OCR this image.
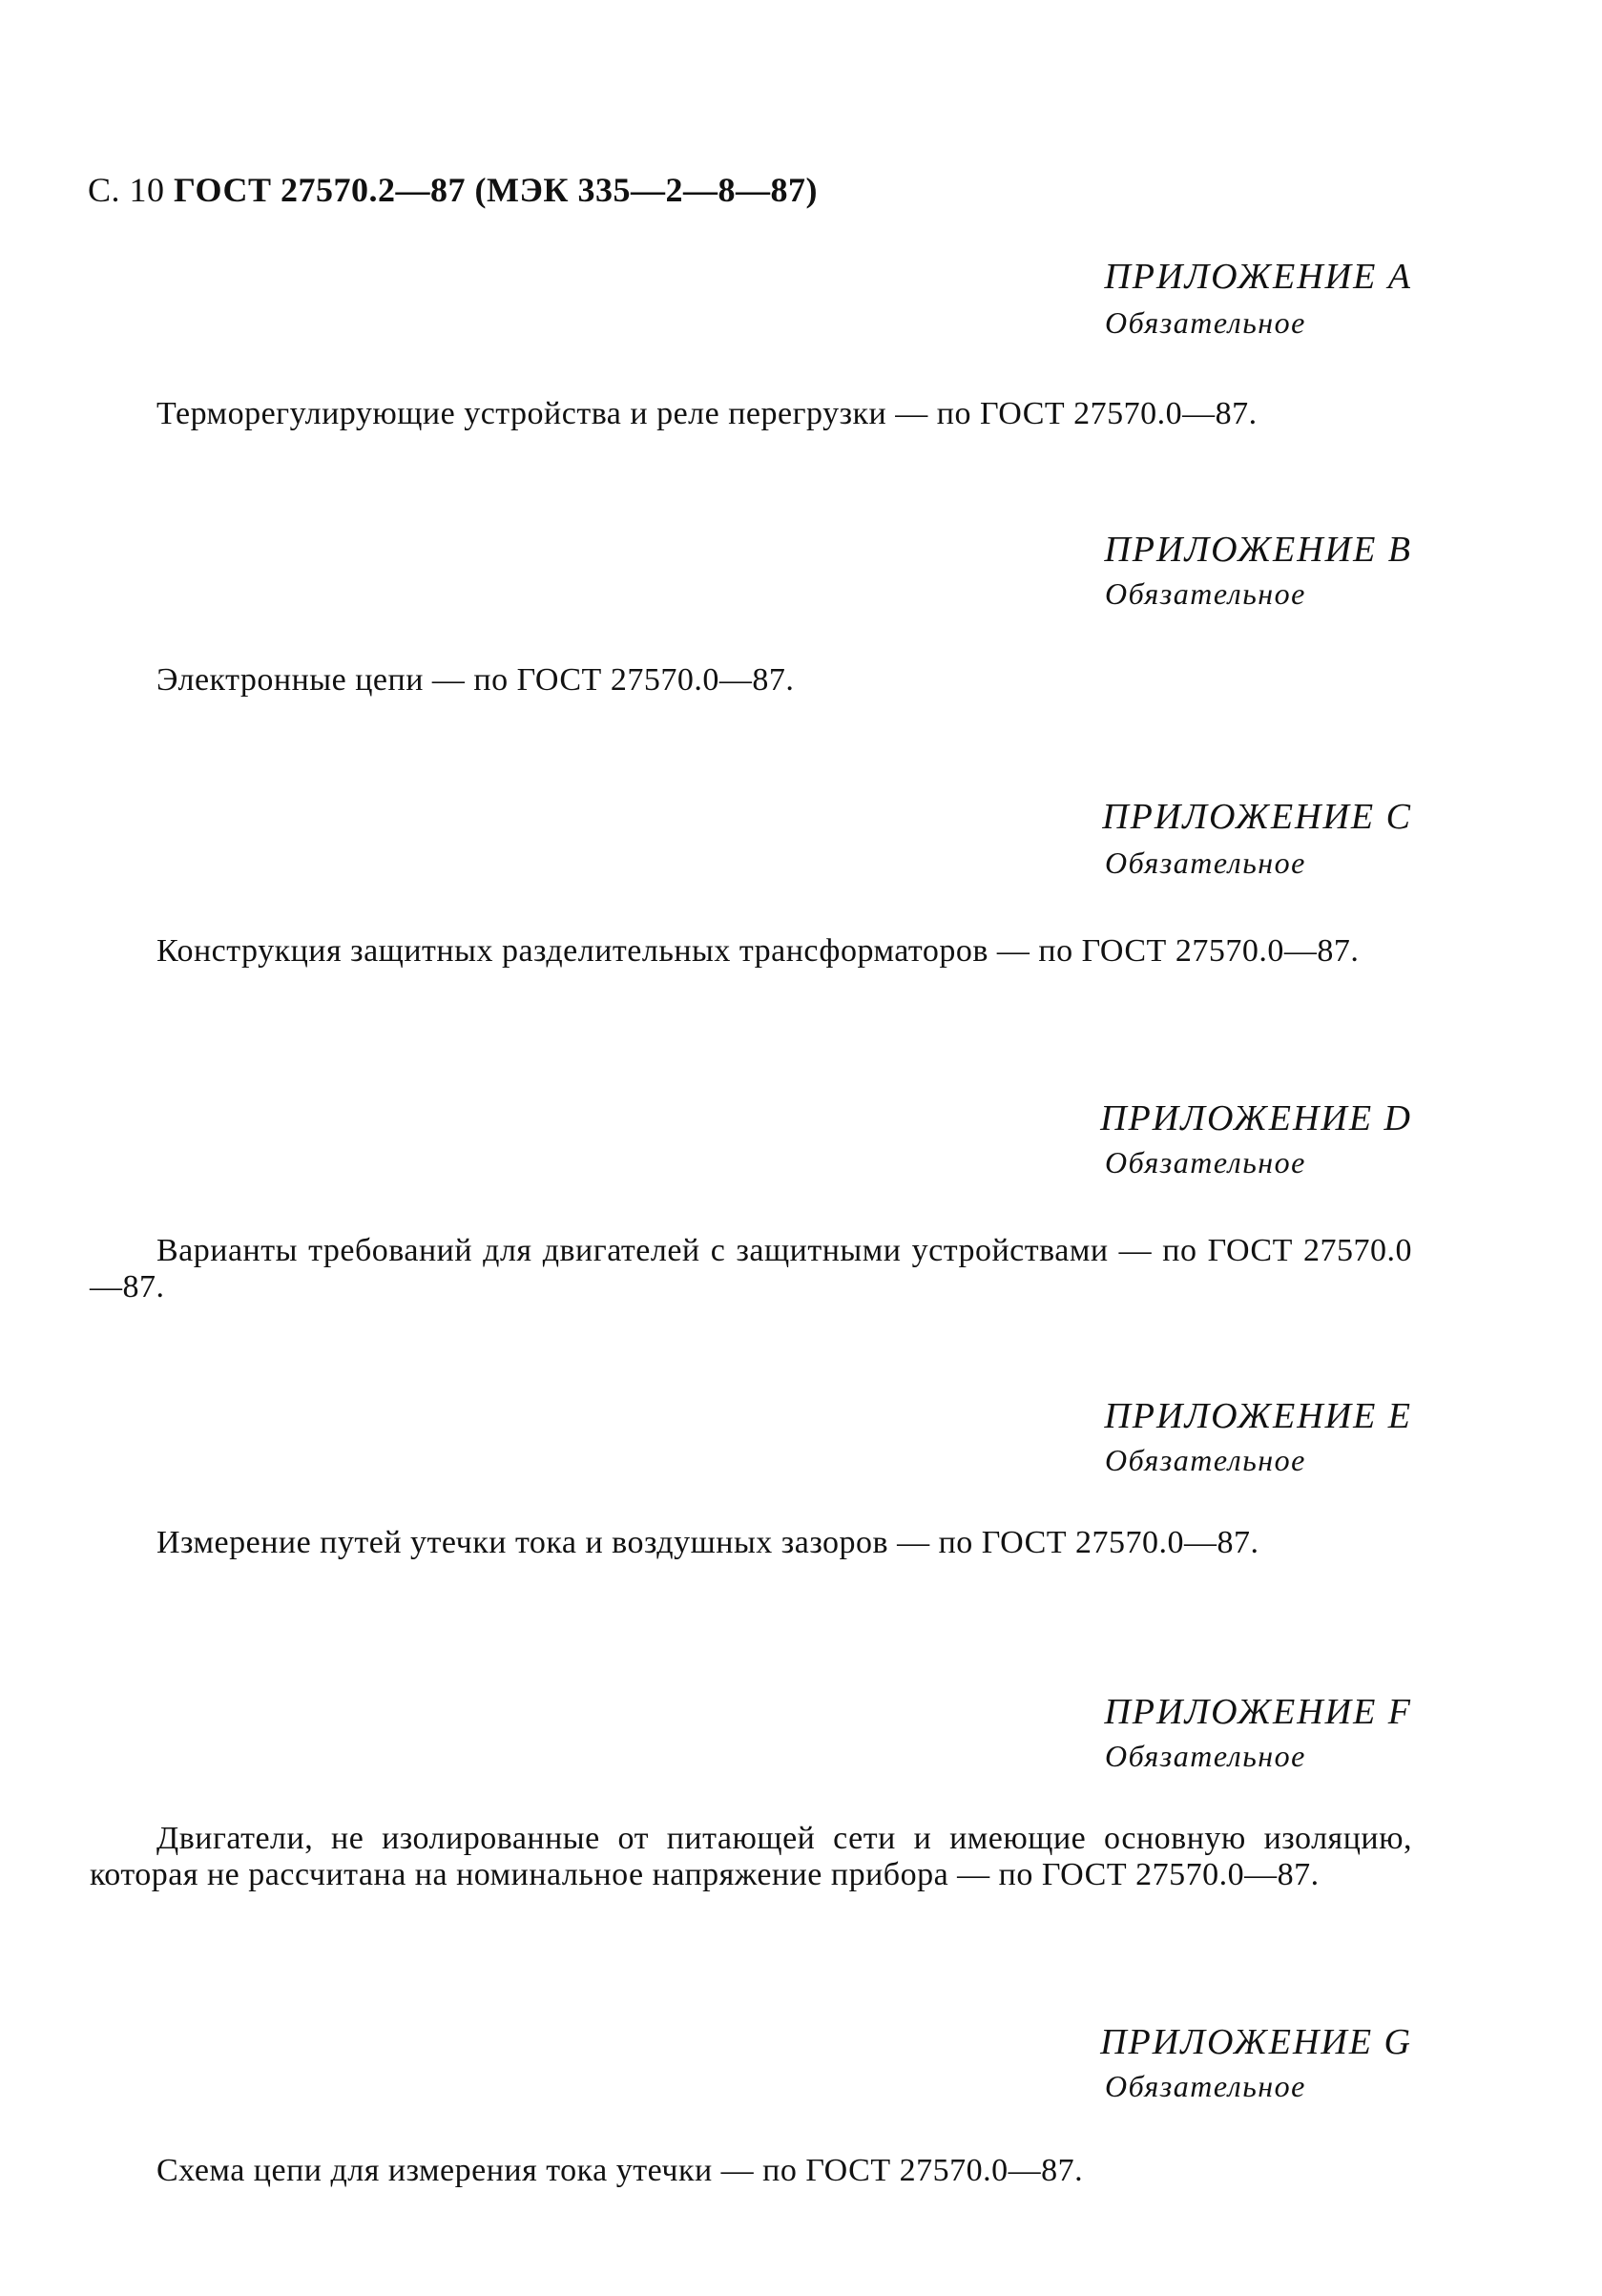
С. 10 ГОСТ 27570.2—87 (МЭК 335—2—8—87)
ПРИЛОЖЕНИЕ A
Обязательное
Терморегулирующие устройства и реле перегрузки — по ГОСТ 27570.0—87.
ПРИЛОЖЕНИЕ B
Обязательное
Электронные цепи — по ГОСТ 27570.0—87.
ПРИЛОЖЕНИЕ C
Обязательное
Конструкция защитных разделительных трансформаторов — по ГОСТ 27570.0—87.
ПРИЛОЖЕНИЕ D
Обязательное
Варианты требований для двигателей с защитными устройствами — по ГОСТ 27570.0—87.
ПРИЛОЖЕНИЕ E
Обязательное
Измерение путей утечки тока и воздушных зазоров — по ГОСТ 27570.0—87.
ПРИЛОЖЕНИЕ F
Обязательное
Двигатели, не изолированные от питающей сети и имеющие основную изоляцию, которая не рассчитана на номинальное напряжение прибора — по ГОСТ 27570.0—87.
ПРИЛОЖЕНИЕ G
Обязательное
Схема цепи для измерения тока утечки — по ГОСТ 27570.0—87.
